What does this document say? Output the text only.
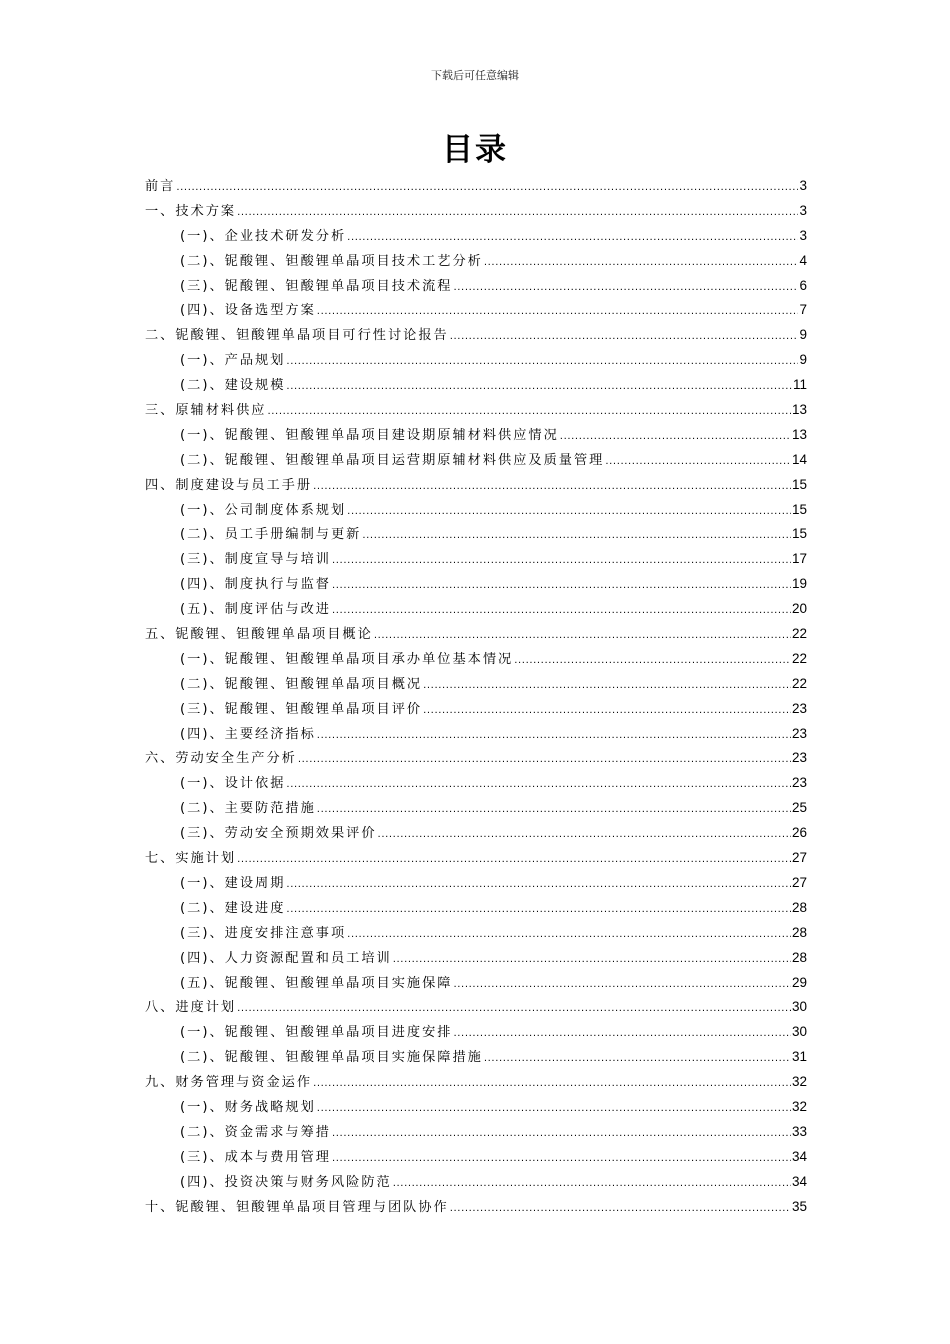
下载后可任意编辑
目录
前言 .....	3
一、技术方案 .....	3
(一)、企业技术研发分析 .....	3
(二)、铌酸锂、钽酸锂单晶项目技术工艺分析 .....	4
(三)、铌酸锂、钽酸锂单晶项目技术流程 .....	6
(四)、设备选型方案 .....	7
二、铌酸锂、钽酸锂单晶项目可行性讨论报告 .....	9
(一)、产品规划 .....	9
(二)、建设规模 .....	11
三、原辅材料供应 .....	13
(一)、铌酸锂、钽酸锂单晶项目建设期原辅材料供应情况 .....	13
(二)、铌酸锂、钽酸锂单晶项目运营期原辅材料供应及质量管理 .....	14
四、制度建设与员工手册 .....	15
(一)、公司制度体系规划 .....	15
(二)、员工手册编制与更新 .....	15
(三)、制度宣导与培训 .....	17
(四)、制度执行与监督 .....	19
(五)、制度评估与改进 .....	20
五、铌酸锂、钽酸锂单晶项目概论 .....	22
(一)、铌酸锂、钽酸锂单晶项目承办单位基本情况 .....	22
(二)、铌酸锂、钽酸锂单晶项目概况 .....	22
(三)、铌酸锂、钽酸锂单晶项目评价 .....	23
(四)、主要经济指标 .....	23
六、劳动安全生产分析 .....	23
(一)、设计依据 .....	23
(二)、主要防范措施 .....	25
(三)、劳动安全预期效果评价 .....	26
七、实施计划 .....	27
(一)、建设周期 .....	27
(二)、建设进度 .....	28
(三)、进度安排注意事项 .....	28
(四)、人力资源配置和员工培训 .....	28
(五)、铌酸锂、钽酸锂单晶项目实施保障 .....	29
八、进度计划 .....	30
(一)、铌酸锂、钽酸锂单晶项目进度安排 .....	30
(二)、铌酸锂、钽酸锂单晶项目实施保障措施 .....	31
九、财务管理与资金运作 .....	32
(一)、财务战略规划 .....	32
(二)、资金需求与筹措 .....	33
(三)、成本与费用管理 .....	34
(四)、投资决策与财务风险防范 .....	34
十、铌酸锂、钽酸锂单晶项目管理与团队协作 .....	35
